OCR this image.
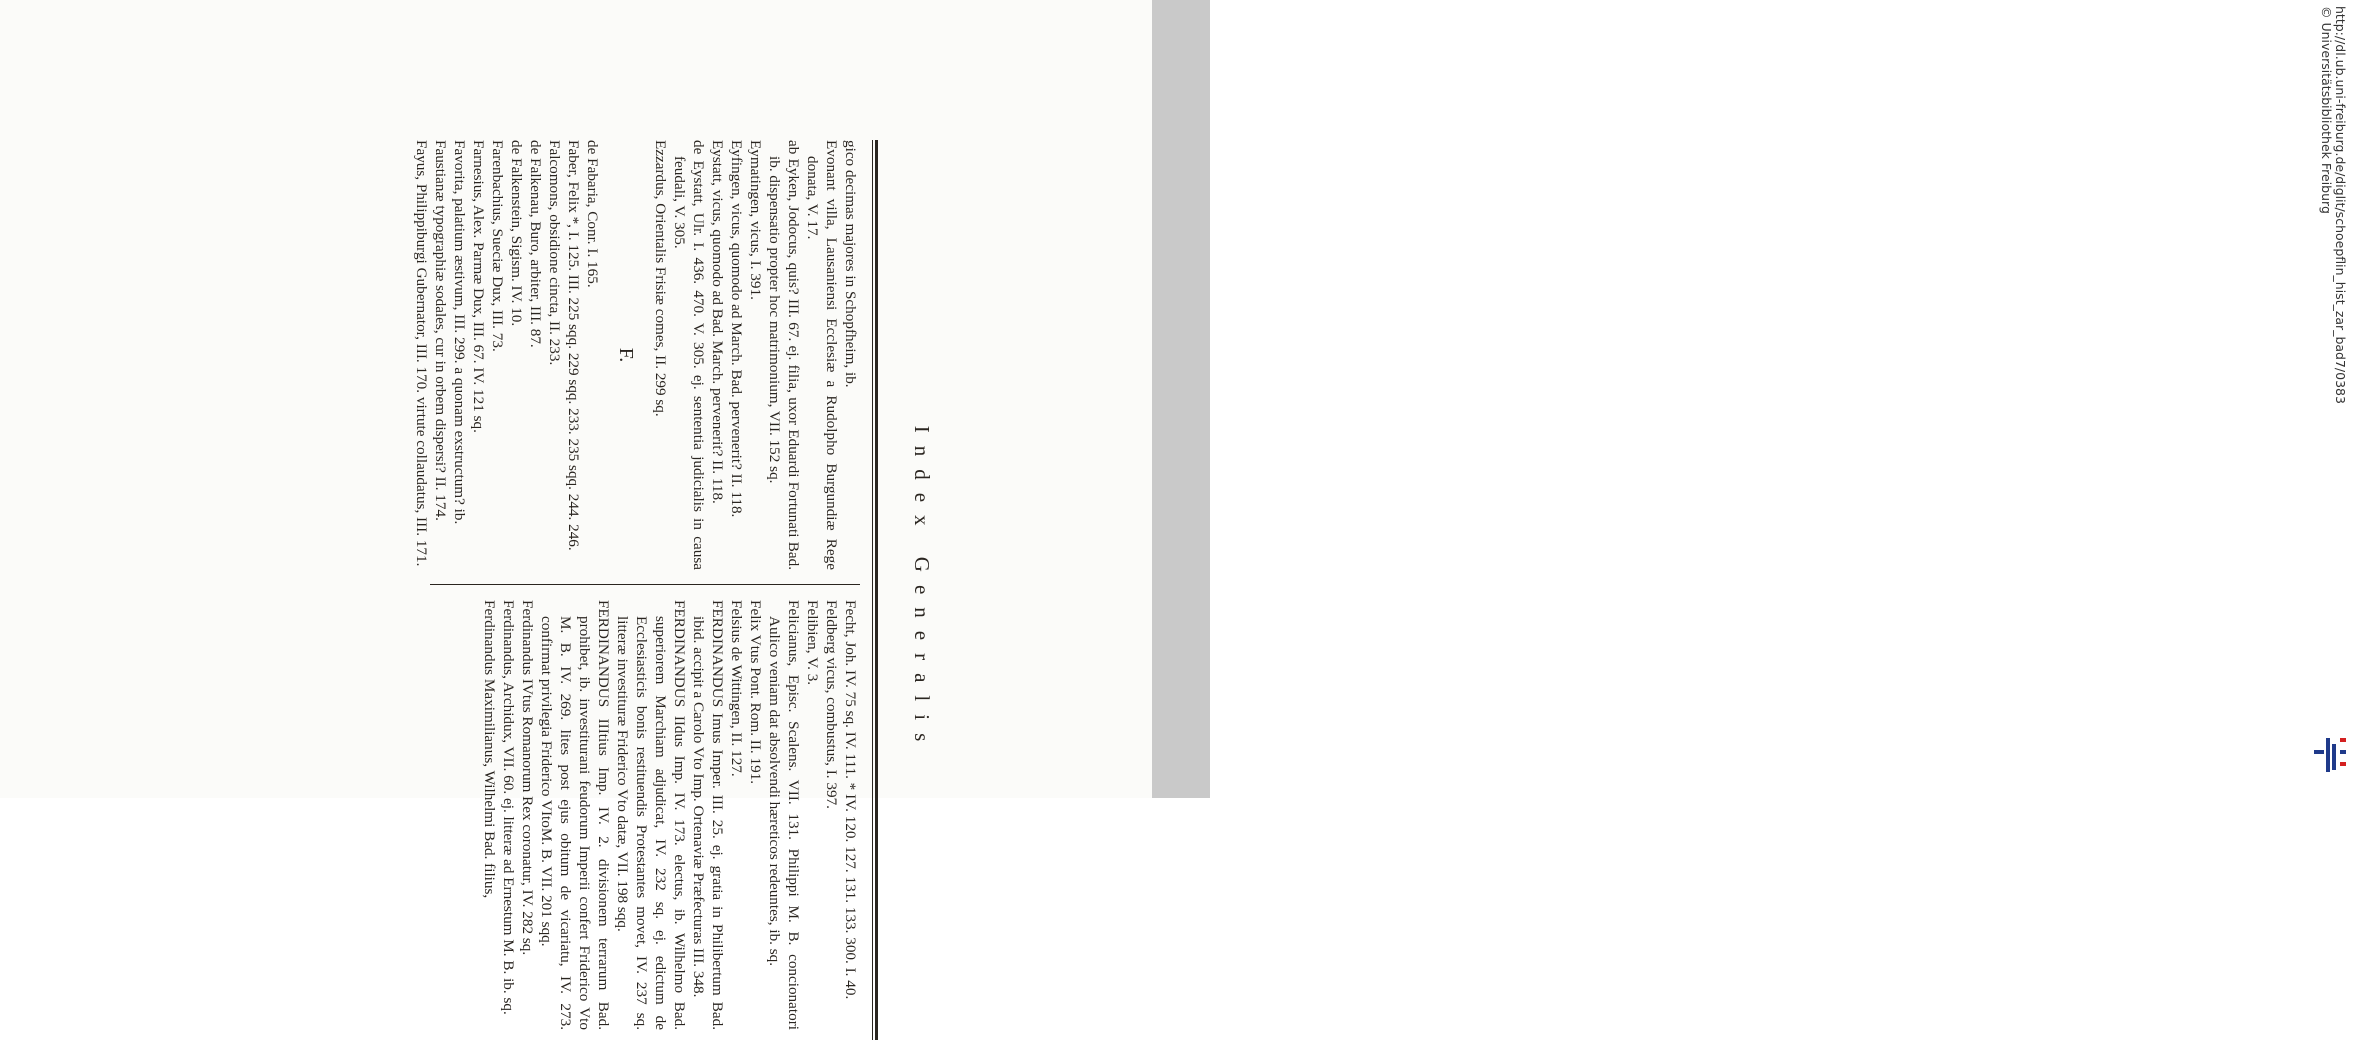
Index Generalis

gico decimas majores in Schopfheim, ib.

Evonant villa, Lausaniensi Ecclesiæ a Rudolpho Burgundiæ Rege donata, V. 17.

ab Eyken, Jodocus, quis? III. 67. ej. filia, uxor Eduardi Fortunati Bad. ib. dispensatio propter hoc matrimonium, VII. 152 sq.

Eymatingen, vicus, I. 391.

Eyfingen, vicus, quomodo ad March. Bad. pervenerit? II. 118.

Eystatt, vicus, quomodo ad Bad. March. pervenerit? II. 118.

de Eystatt, Ulr. I. 436. 470. V. 305. ej. sententia judicialis in causa feudali, V. 305.

Ezzardus, Orientalis Frisiæ comes, II. 299 sq.

F.

de Fabaria, Conr. I. 165.

Faber, Felix *, I. 125. III. 225 sqq. 229 sqq. 233. 235 sqq. 244. 246.

Falcomons, obsidione cincta, II. 233.

de Falkenau, Buro, arbiter, III. 87.

de Falkenstein, Sigism. IV. 10.

Farenbachius, Sueciæ Dux, III. 73.

Farnesius, Alex. Parmæ Dux, III. 67. IV. 121 sq.

Favorita, palatium æstivum, III. 299. a quonam exstructum? ib.

Faustianæ typographiæ sodales, cur in orbem dispersi? II. 174.

Fayus, Philippiburgi Gubernator, III. 170. virtute collaudatus, III. 171.

Fecht, Joh. IV. 75 sq. IV. 111. * IV. 120. 127. 131. 133. 300. I. 40.

Feldberg vicus, combustus, I. 397.

Felibien, V. 3.

Felicianus, Episc. Scalens. VII. 131. Philippi M. B. concionatori Aulico veniam dat absolvendi hæreticos redeuntes, ib. sq.

Felix Vtus Pont. Rom. II. 191.

Felsius de Wittingen, II. 127.

FERDINANDUS Imus Imper. III. 25. ej. gratia in Philibertum Bad. ibid. accipit a Carolo Vto Imp. Ortenaviæ Præfecturas III. 348.

FERDINANDUS IIdus Imp. IV. 173. electus, ib. Wilhelmo Bad. superiorem Marchiam adjudicat, IV. 232 sq. ej. edictum de Ecclesiasticis bonis restituendis Protestantes movet, IV. 237 sq. litteræ investituræ Friderico Vto datæ, VII. 198 sqq.

FERDINANDUS IIItius Imp. IV. 2. divisionem terrarum Bad. prohibet, ib. investiturani feudorum Imperii confert Friderico Vto M. B. IV. 269. lites post ejus obitum de vicariatu, IV. 273. confirmat privilegia Friderico VItoM. B. VII. 201 sqq.

Ferdinandus IVtus Romanorum Rex coronatur, IV. 282 sq.

Ferdinandus, Archidux, VII. 60. ej. litteræ ad Ernestum M. B. ib. sq.

Ferdinandus Maximilianus, Wilhelmi Bad. filius,

http://dl.ub.uni-freiburg.de/diglit/schoepflin_hist_zar_bad7/0383
© Universitätsbibliothek Freiburg
